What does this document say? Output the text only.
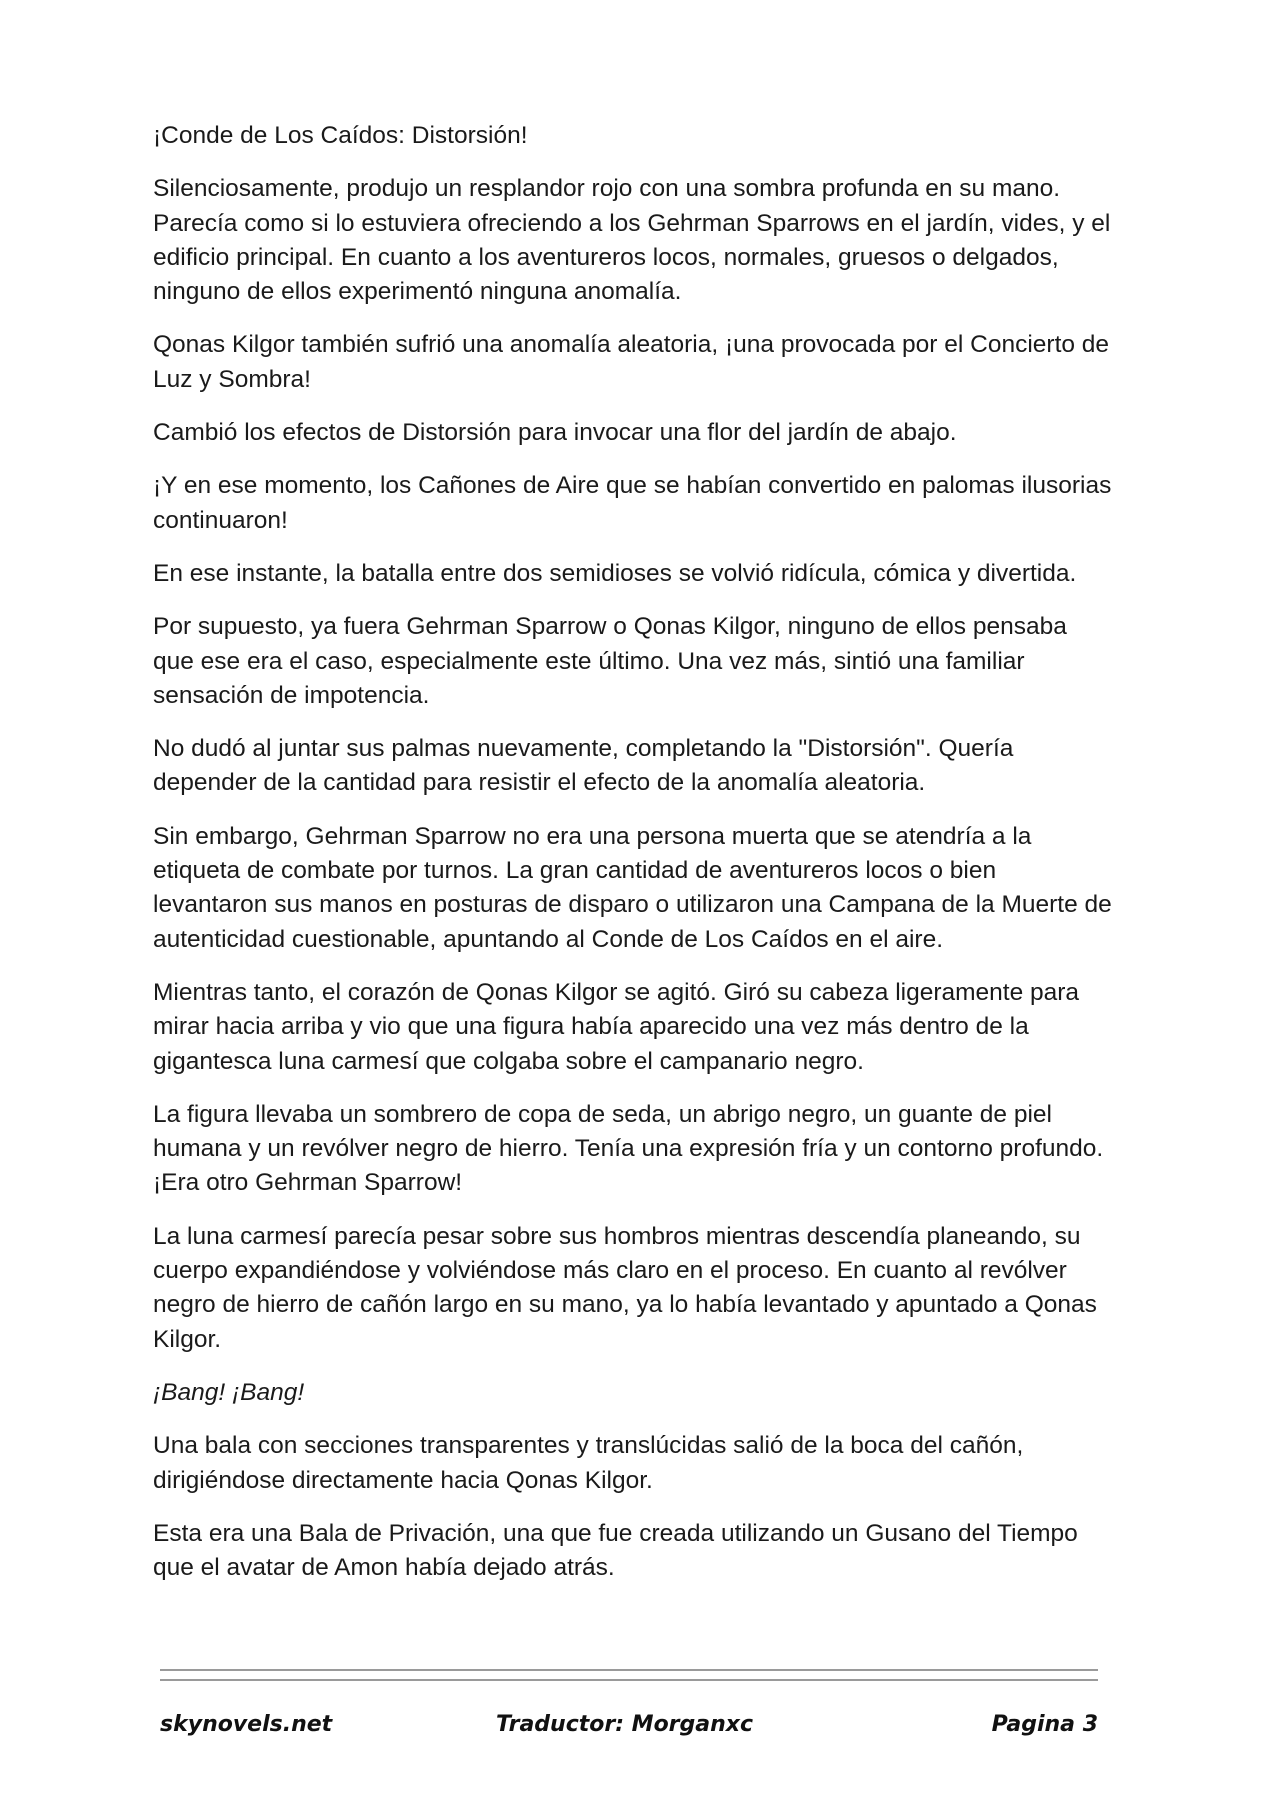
¡Conde de Los Caídos: Distorsión!

Silenciosamente, produjo un resplandor rojo con una sombra profunda en su mano. Parecía como si lo estuviera ofreciendo a los Gehrman Sparrows en el jardín, vides, y el edificio principal. En cuanto a los aventureros locos, normales, gruesos o delgados, ninguno de ellos experimentó ninguna anomalía.

Qonas Kilgor también sufrió una anomalía aleatoria, ¡una provocada por el Concierto de Luz y Sombra!

Cambió los efectos de Distorsión para invocar una flor del jardín de abajo.

¡Y en ese momento, los Cañones de Aire que se habían convertido en palomas ilusorias continuaron!

En ese instante, la batalla entre dos semidioses se volvió ridícula, cómica y divertida.

Por supuesto, ya fuera Gehrman Sparrow o Qonas Kilgor, ninguno de ellos pensaba que ese era el caso, especialmente este último. Una vez más, sintió una familiar sensación de impotencia.

No dudó al juntar sus palmas nuevamente, completando la "Distorsión". Quería depender de la cantidad para resistir el efecto de la anomalía aleatoria.

Sin embargo, Gehrman Sparrow no era una persona muerta que se atendría a la etiqueta de combate por turnos. La gran cantidad de aventureros locos o bien levantaron sus manos en posturas de disparo o utilizaron una Campana de la Muerte de autenticidad cuestionable, apuntando al Conde de Los Caídos en el aire.

Mientras tanto, el corazón de Qonas Kilgor se agitó. Giró su cabeza ligeramente para mirar hacia arriba y vio que una figura había aparecido una vez más dentro de la gigantesca luna carmesí que colgaba sobre el campanario negro.

La figura llevaba un sombrero de copa de seda, un abrigo negro, un guante de piel humana y un revólver negro de hierro. Tenía una expresión fría y un contorno profundo. ¡Era otro Gehrman Sparrow!

La luna carmesí parecía pesar sobre sus hombros mientras descendía planeando, su cuerpo expandiéndose y volviéndose más claro en el proceso. En cuanto al revólver negro de hierro de cañón largo en su mano, ya lo había levantado y apuntado a Qonas Kilgor.

¡Bang! ¡Bang!

Una bala con secciones transparentes y translúcidas salió de la boca del cañón, dirigiéndose directamente hacia Qonas Kilgor.

Esta era una Bala de Privación, una que fue creada utilizando un Gusano del Tiempo que el avatar de Amon había dejado atrás.

skynovels.net	Traductor: Morganxc	Pagina 3
